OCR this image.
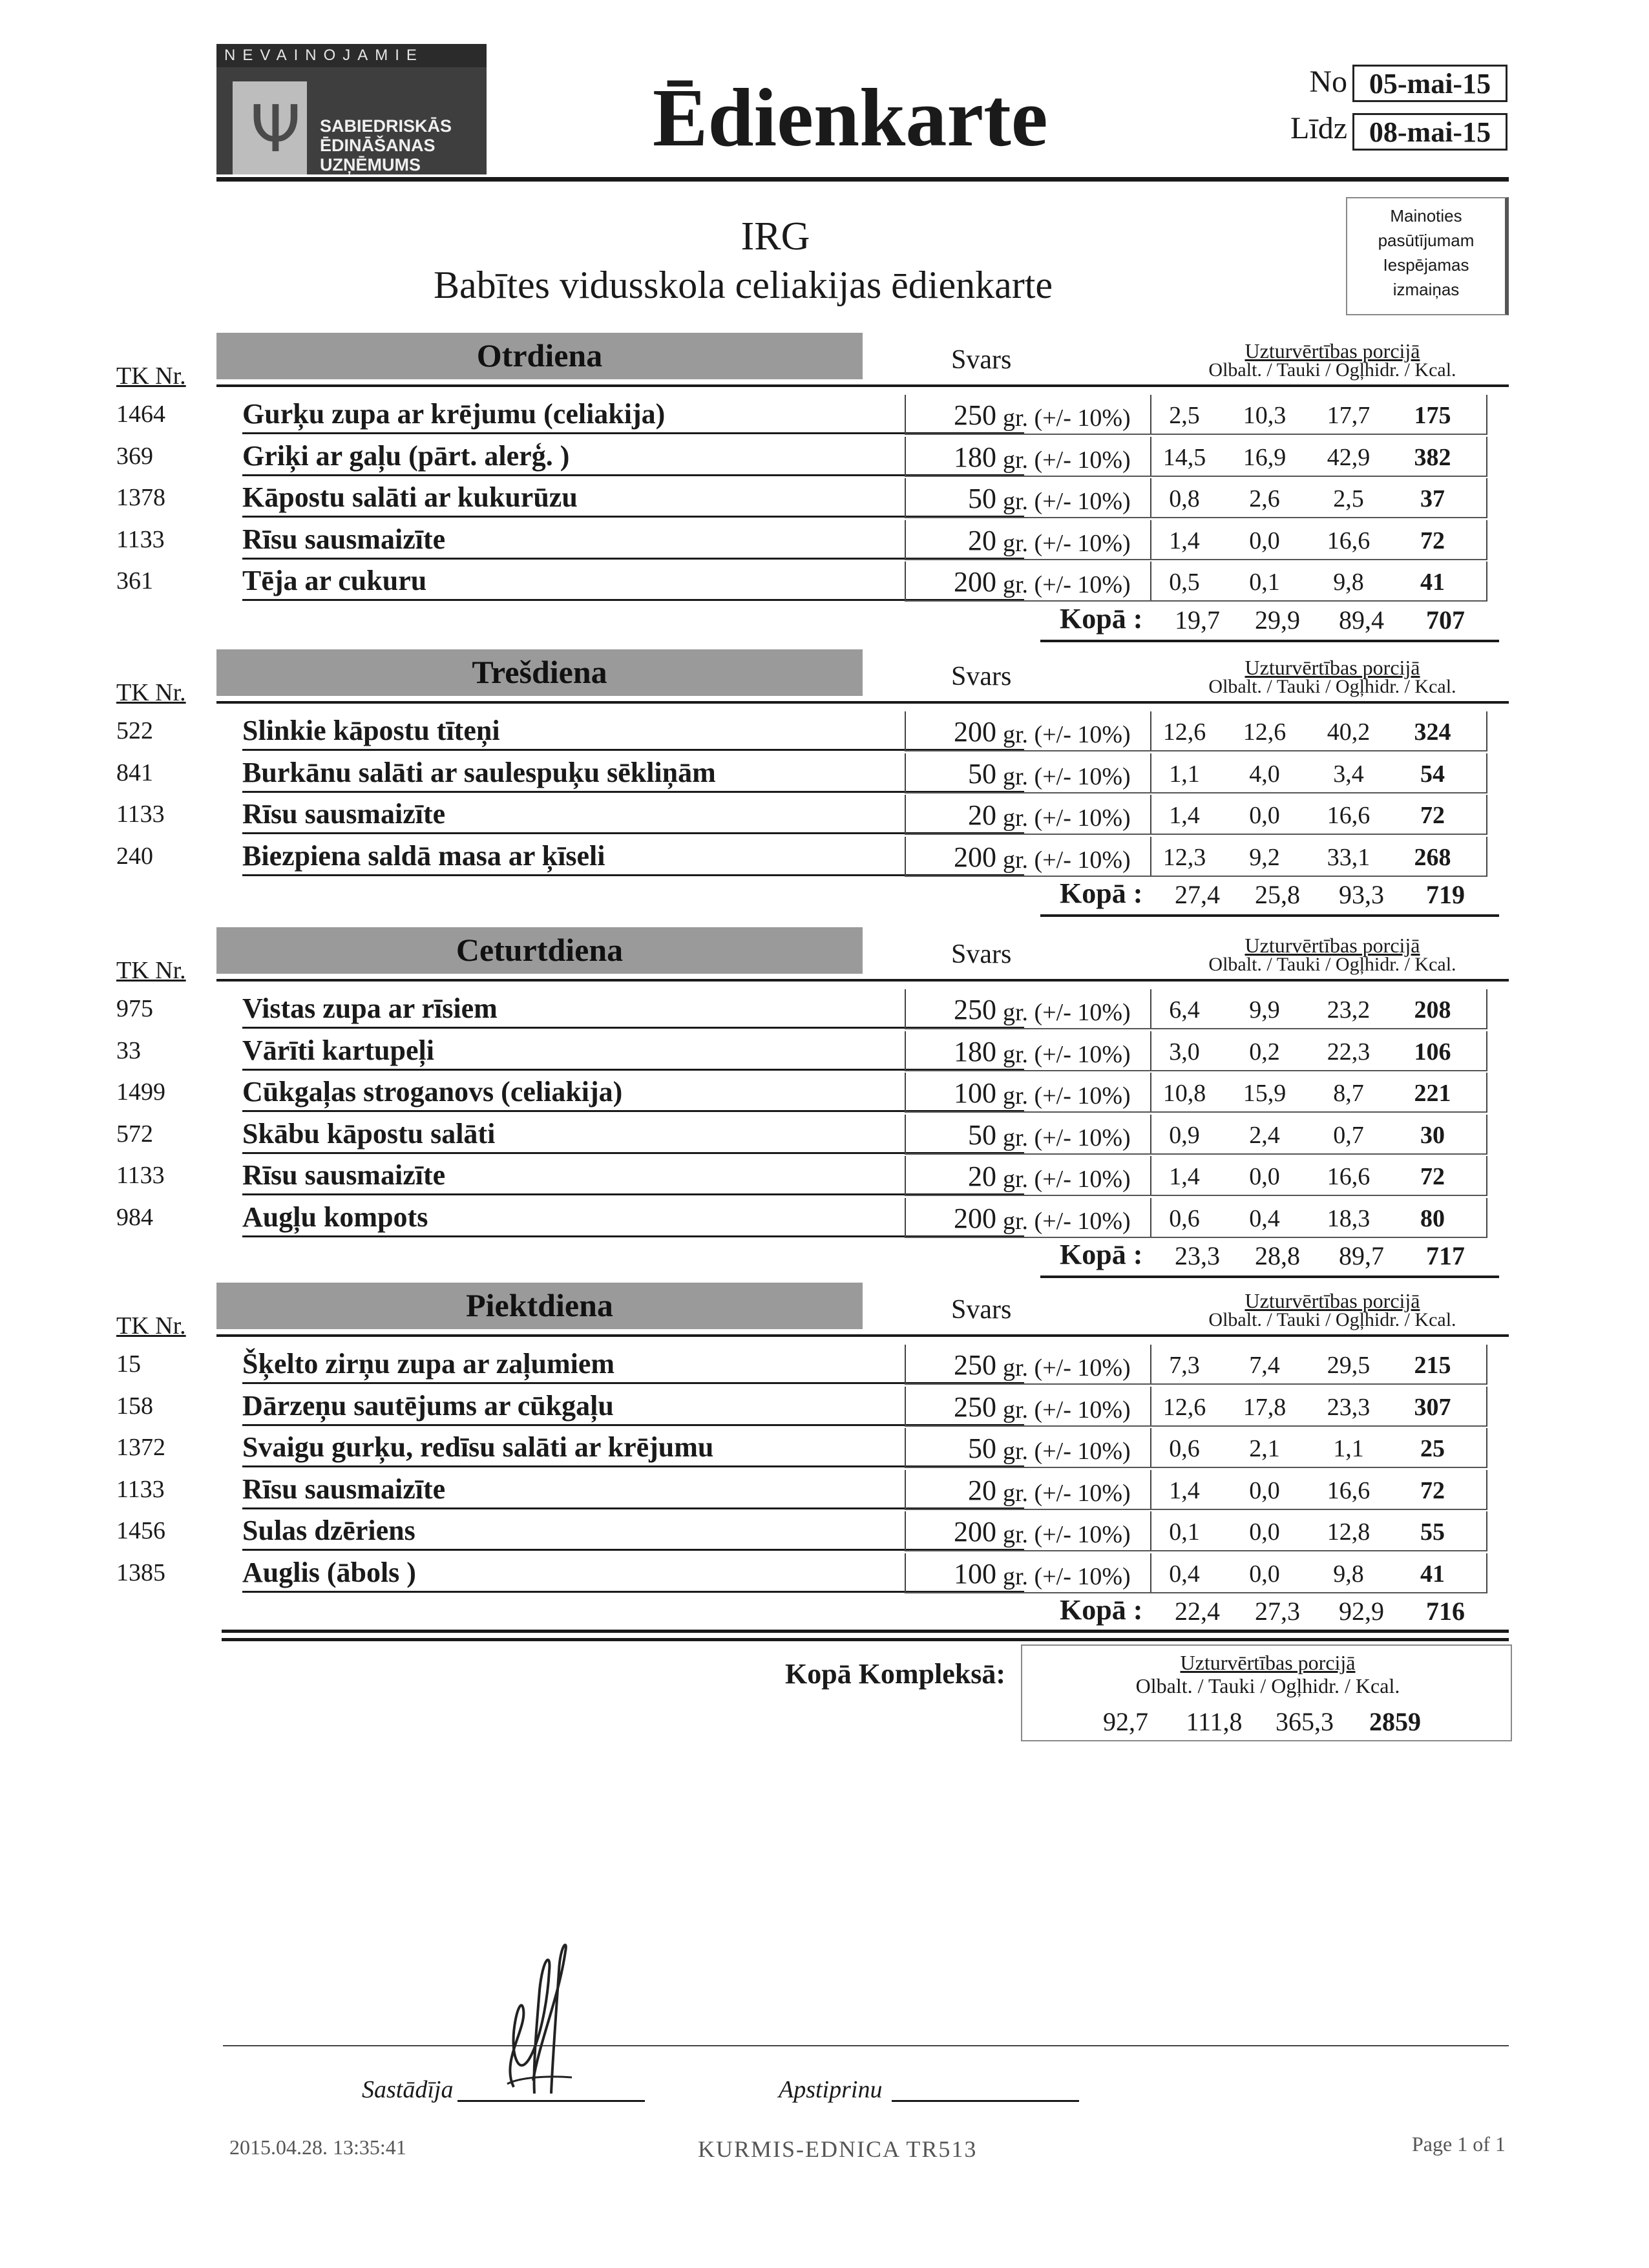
NEVAINOJAMIE
Ψ SABIEDRISKĀS
ĒDINĀŠANAS
UZŅĒMUMS
Ēdienkarte	No 05-mai-15
Līdz 08-mai-15
IRG
Babītes vidusskola celiakijas ēdienkarte
Mainoties
pasūtījumam
Iespējamas
izmaiņas
Otrdiena
TK Nr.
Svars	Uzturvērtības porcijā
Olbalt. / Tauki / Ogļhidr. / Kcal.
1464	Gurķu zupa ar krējumu (celiakija)	250 gr. (+/- 10%)	2,5	10,3	17,7	175
369	Griķi ar gaļu (pārt. alerģ. )	180 gr. (+/- 10%)	14,5	16,9	42,9	382
1378	Kāpostu salāti ar kukurūzu	50 gr. (+/- 10%)	0,8	2,6	2,5	37
1133	Rīsu sausmaizīte	20 gr. (+/- 10%)	1,4	0,0	16,6	72
361	Tēja ar cukuru	200 gr. (+/- 10%)	0,5	0,1	9,8	41
Kopā :	19,7	29,9	89,4	707
Trešdiena
TK Nr.
Svars	Uzturvērtības porcijā
Olbalt. / Tauki / Ogļhidr. / Kcal.
522	Slinkie kāpostu tīteņi	200 gr. (+/- 10%)	12,6	12,6	40,2	324
841	Burkānu salāti ar saulespuķu sēkliņām	50 gr. (+/- 10%)	1,1	4,0	3,4	54
1133	Rīsu sausmaizīte	20 gr. (+/- 10%)	1,4	0,0	16,6	72
240	Biezpiena saldā masa ar ķīseli	200 gr. (+/- 10%)	12,3	9,2	33,1	268
Kopā :	27,4	25,8	93,3	719
Ceturtdiena
TK Nr.
Svars	Uzturvērtības porcijā
Olbalt. / Tauki / Ogļhidr. / Kcal.
975	Vistas zupa ar rīsiem	250 gr. (+/- 10%)	6,4	9,9	23,2	208
33	Vārīti kartupeļi	180 gr. (+/- 10%)	3,0	0,2	22,3	106
1499	Cūkgaļas stroganovs (celiakija)	100 gr. (+/- 10%)	10,8	15,9	8,7	221
572	Skābu kāpostu salāti	50 gr. (+/- 10%)	0,9	2,4	0,7	30
1133	Rīsu sausmaizīte	20 gr. (+/- 10%)	1,4	0,0	16,6	72
984	Augļu kompots	200 gr. (+/- 10%)	0,6	0,4	18,3	80
Kopā :	23,3	28,8	89,7	717
Piektdiena
TK Nr.
Svars	Uzturvērtības porcijā
Olbalt. / Tauki / Ogļhidr. / Kcal.
15	Šķelto zirņu zupa ar zaļumiem	250 gr. (+/- 10%)	7,3	7,4	29,5	215
158	Dārzeņu sautējums ar cūkgaļu	250 gr. (+/- 10%)	12,6	17,8	23,3	307
1372	Svaigu gurķu, redīsu salāti ar krējumu	50 gr. (+/- 10%)	0,6	2,1	1,1	25
1133	Rīsu sausmaizīte	20 gr. (+/- 10%)	1,4	0,0	16,6	72
1456	Sulas dzēriens	200 gr. (+/- 10%)	0,1	0,0	12,8	55
1385	Auglis (ābols )	100 gr. (+/- 10%)	0,4	0,0	9,8	41
Kopā :	22,4	27,3	92,9	716
Kopā Kompleksā:	Uzturvērtības porcijā
Olbalt. / Tauki / Ogļhidr. / Kcal.
92,7	111,8	365,3	2859
Sastādīja	Apstiprinu
2015.04.28. 13:35:41	KURMIS-EDNICA TR513	Page 1 of 1
